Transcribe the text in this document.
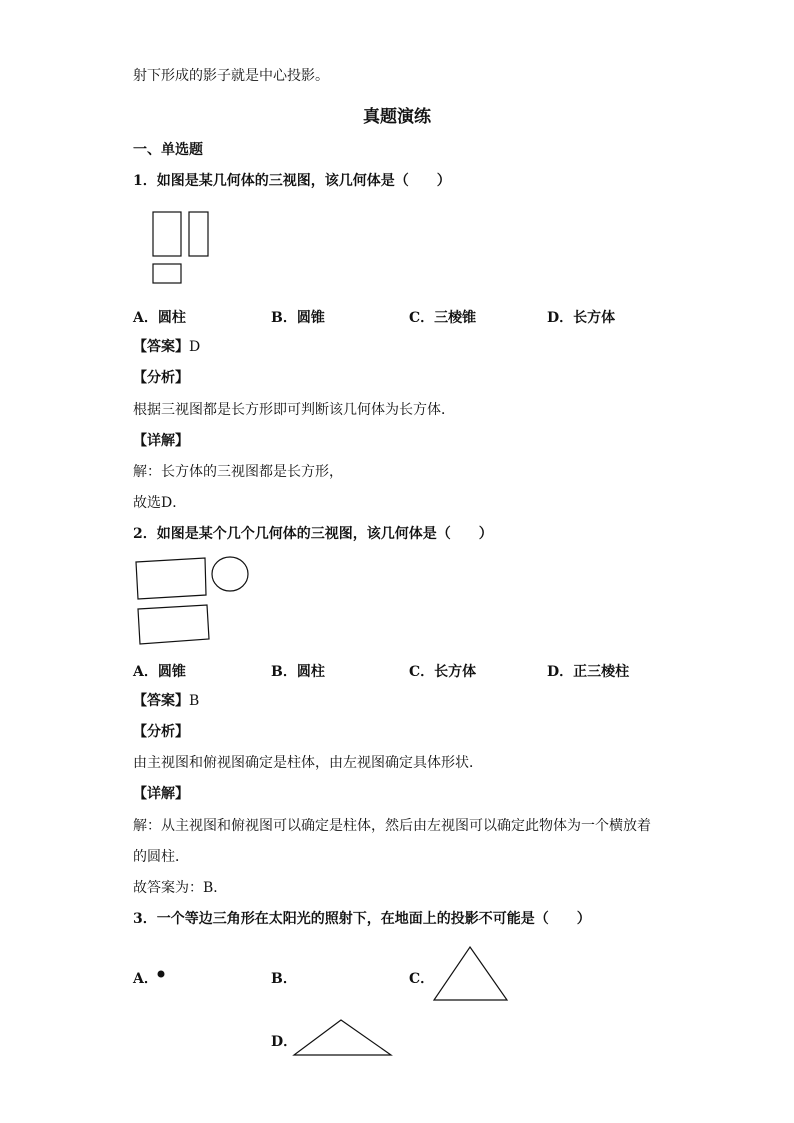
射下形成的影子就是中心投影。
真题演练
一、单选题
1．如图是某几何体的三视图，该几何体是（　　）
A．圆柱	B．圆锥	C．三棱锥	D．长方体
【答案】D
【分析】
根据三视图都是长方形即可判断该几何体为长方体．
【详解】
解：长方体的三视图都是长方形，
故选D．
2．如图是某个几个几何体的三视图，该几何体是（　　）
A．圆锥	B．圆柱	C．长方体	D．正三棱柱
【答案】B
【分析】
由主视图和俯视图确定是柱体，由左视图确定具体形状．
【详解】
解：从主视图和俯视图可以确定是柱体，然后由左视图可以确定此物体为一个横放着
的圆柱．
故答案为：B．
3．一个等边三角形在太阳光的照射下，在地面上的投影不可能是（　　）
A．	B．	C．
D．
